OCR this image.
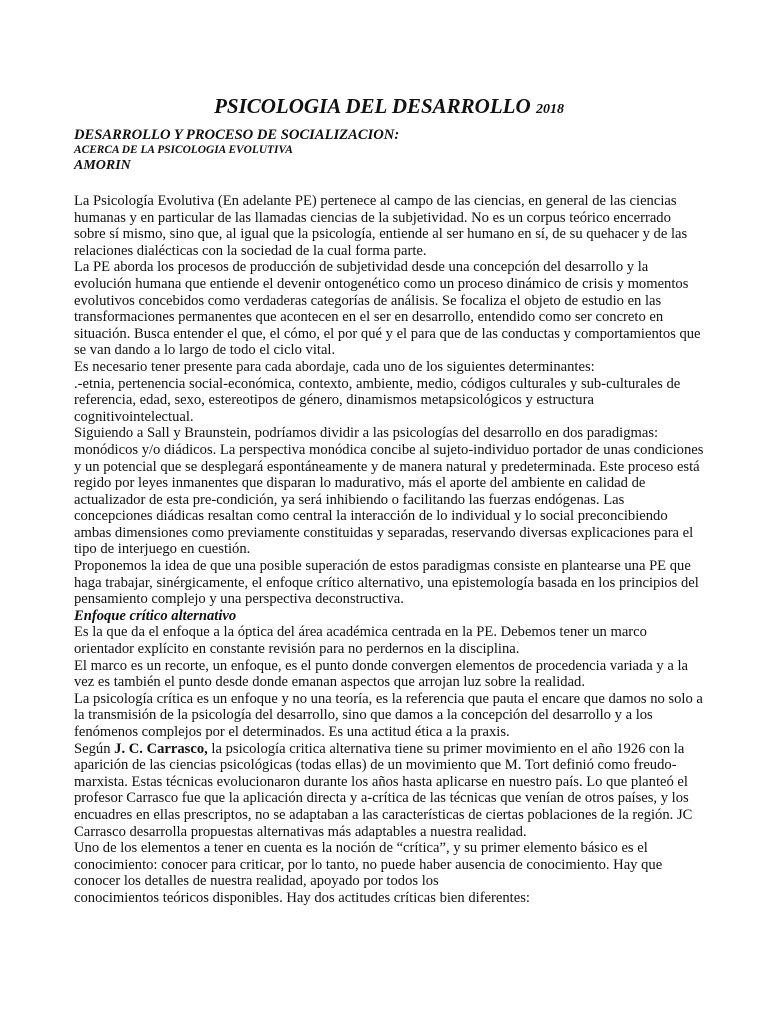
PSICOLOGIA DEL DESARROLLO 2018

DESARROLLO Y PROCESO DE SOCIALIZACION:

ACERCA DE LA PSICOLOGIA EVOLUTIVA

AMORIN

La Psicología Evolutiva (En adelante PE) pertenece al campo de las ciencias, en general de las ciencias humanas y en particular de las llamadas ciencias de la subjetividad. No es un corpus teórico encerrado sobre sí mismo, sino que, al igual que la psicología, entiende al ser humano en sí, de su quehacer y de las relaciones dialécticas con la sociedad de la cual forma parte.

La PE aborda los procesos de producción de subjetividad desde una concepción del desarrollo y la evolución humana que entiende el devenir ontogenético como un proceso dinámico de crisis y momentos evolutivos concebidos como verdaderas categorías de análisis. Se focaliza el objeto de estudio en las transformaciones permanentes que acontecen en el ser en desarrollo, entendido como ser concreto en situación. Busca entender el que, el cómo, el por qué y el para que de las conductas y comportamientos que se van dando a lo largo de todo el ciclo vital.

Es necesario tener presente para cada abordaje, cada uno de los siguientes determinantes:

.-etnia, pertenencia social-económica, contexto, ambiente, medio, códigos culturales y sub-culturales de referencia, edad, sexo, estereotipos de género, dinamismos metapsicológicos y estructura cognitivointelectual.

Siguiendo a Sall y Braunstein, podríamos dividir a las psicologías del desarrollo en dos paradigmas: monódicos y/o diádicos. La perspectiva monódica concibe al sujeto-individuo portador de unas condiciones y un potencial que se desplegará espontáneamente y de manera natural y predeterminada. Este proceso está regido por leyes inmanentes que disparan lo madurativo, más el aporte del ambiente en calidad de actualizador de esta pre-condición, ya será inhibiendo o facilitando las fuerzas endógenas. Las concepciones diádicas resaltan como central la interacción de lo individual y lo social preconcibiendo ambas dimensiones como previamente constituidas y separadas, reservando diversas explicaciones para el tipo de interjuego en cuestión.

Proponemos la idea de que una posible superación de estos paradigmas consiste en plantearse una PE que haga trabajar, sinérgicamente, el enfoque crítico alternativo, una epistemología basada en los principios del pensamiento complejo y una perspectiva deconstructiva.

Enfoque crítico alternativo

Es la que da el enfoque a la óptica del área académica centrada en la PE. Debemos tener un marco orientador explícito en constante revisión para no perdernos en la disciplina.

El marco es un recorte, un enfoque, es el punto donde convergen elementos de procedencia variada y a la vez es también el punto desde donde emanan aspectos que arrojan luz sobre la realidad.

La psicología crítica es un enfoque y no una teoría, es la referencia que pauta el encare que damos no solo a la transmisión de la psicología del desarrollo, sino que damos a la concepción del desarrollo y a los fenómenos complejos por el determinados. Es una actitud ética a la praxis.

Según J. C. Carrasco, la psicología critica alternativa tiene su primer movimiento en el año 1926 con la aparición de las ciencias psicológicas (todas ellas) de un movimiento que M. Tort definió como freudo-marxista. Estas técnicas evolucionaron durante los años hasta aplicarse en nuestro país. Lo que planteó el profesor Carrasco fue que la aplicación directa y a-crítica de las técnicas que venían de otros países, y los encuadres en ellas prescriptos, no se adaptaban a las características de ciertas poblaciones de la región. JC Carrasco desarrolla propuestas alternativas más adaptables a nuestra realidad.

Uno de los elementos a tener en cuenta es la noción de “crítica”, y su primer elemento básico es el conocimiento: conocer para criticar, por lo tanto, no puede haber ausencia de conocimiento. Hay que conocer los detalles de nuestra realidad, apoyado por todos los

conocimientos teóricos disponibles. Hay dos actitudes críticas bien diferentes:
